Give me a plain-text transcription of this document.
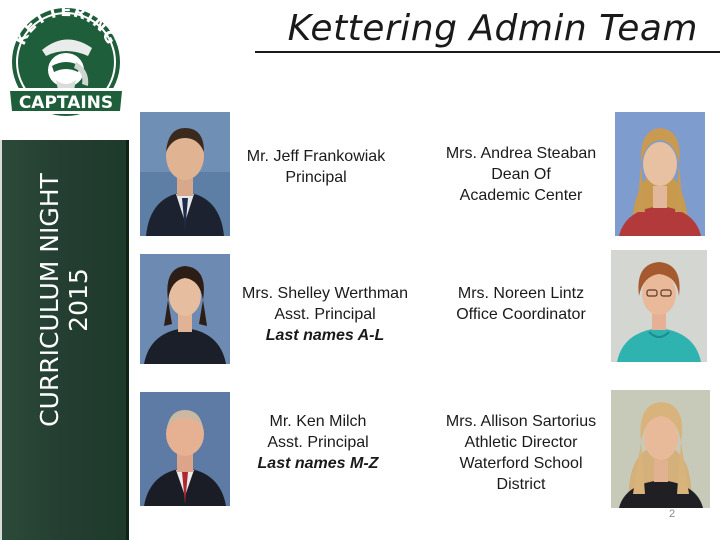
KETTERING
CAPTAINS
Kettering Admin Team
CURRICULUM NIGHT 2015
Mr. Jeff Frankowiak
Principal
Mrs. Andrea Steaban
Dean Of
Academic Center
Mrs. Shelley Werthman
Asst. Principal
Last names A-L
Mrs. Noreen Lintz
Office Coordinator
Mr. Ken Milch
Asst. Principal
Last names M-Z
Mrs. Allison Sartorius
Athletic Director
Waterford School
District
2
